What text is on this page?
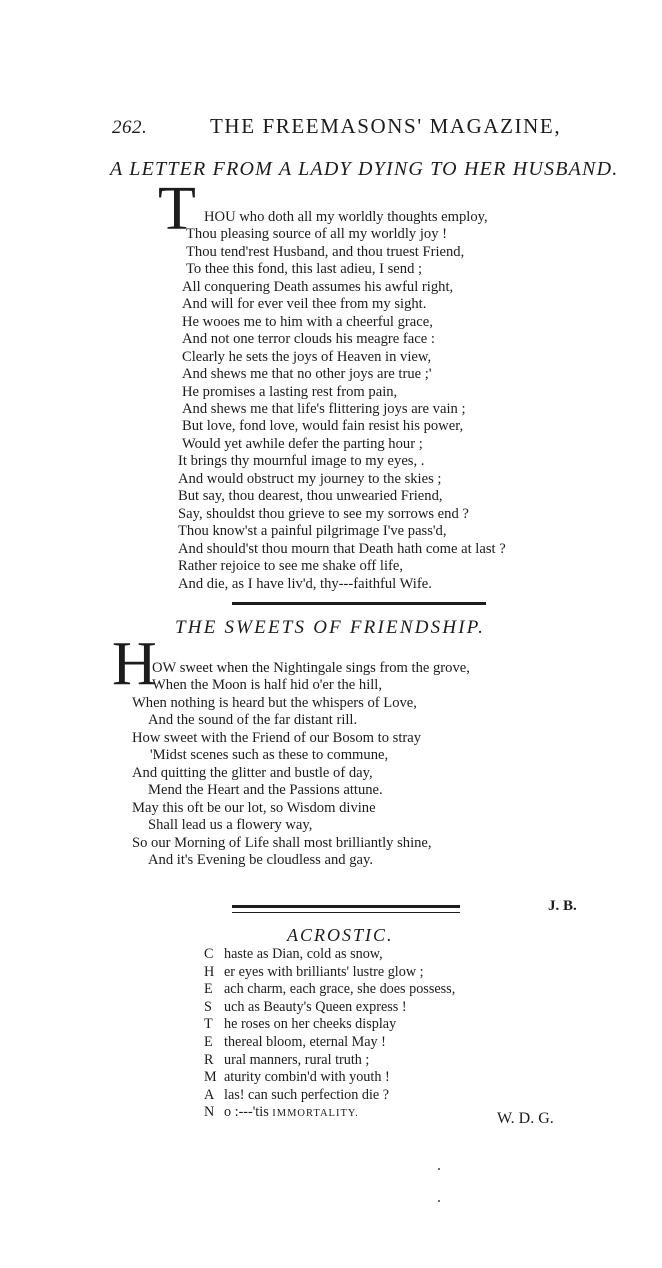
262.	THE FREEMASONS' MAGAZINE,
A LETTER FROM A LADY DYING TO HER HUSBAND.
T HOU who doth all my worldly thoughts employ,
Thou pleasing source of all my worldly joy !
Thou tend'rest Husband, and thou truest Friend,
To thee this fond, this last adieu, I send ;
All conquering Death assumes his awful right,
And will for ever veil thee from my sight.
He wooes me to him with a cheerful grace,
And not one terror clouds his meagre face :
Clearly he sets the joys of Heaven in view,
And shews me that no other joys are true ;'
He promises a lasting rest from pain,
And shews me that life's flittering joys are vain ;
But love, fond love, would fain resist his power,
Would yet awhile defer the parting hour ;
It brings thy mournful image to my eyes, .
And would obstruct my journey to the skies ;
But say, thou dearest, thou unwearied Friend,
Say, shouldst thou grieve to see my sorrows end ?
Thou know'st a painful pilgrimage I've pass'd,
And should'st thou mourn that Death hath come at last ?
Rather rejoice to see me shake off life,
And die, as I have liv'd, thy---faithful Wife.
THE SWEETS OF FRIENDSHIP.
H
OW sweet when the Nightingale sings from the grove,
When the Moon is half hid o'er the hill,
When nothing is heard but the whispers of Love,
And the sound of the far distant rill.
How sweet with the Friend of our Bosom to stray
'Midst scenes such as these to commune,
And quitting the glitter and bustle of day,
Mend the Heart and the Passions attune.
May this oft be our lot, so Wisdom divine
Shall lead us a flowery way,
So our Morning of Life shall most brilliantly shine,
And it's Evening be cloudless and gay.
J. B.
ACROSTIC.
C haste as Dian, cold as snow,
H er eyes with brilliants' lustre glow ;
E ach charm, each grace, she does possess,
S uch as Beauty's Queen express !
T he roses on her cheeks display
E thereal bloom, eternal May !
R ural manners, rural truth ;
M aturity combin'd with youth !
A las! can such perfection die ?
N o :---'tis IMMORTALITY.	W. D. G.
